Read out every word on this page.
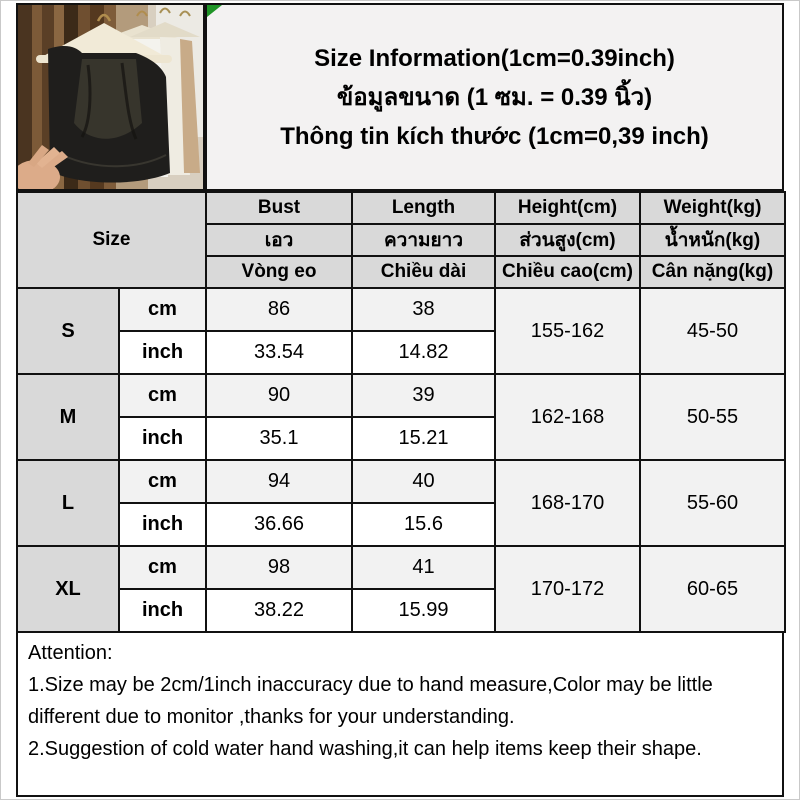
Size Information(1cm=0.39inch)
ข้อมูลขนาด (1 ซม. = 0.39 นิ้ว)
Thông tin kích thước (1cm=0,39 inch)
Size		Bust	Length	Height(cm)	Weight(kg)
		เอว	ความยาว	ส่วนสูง(cm)	น้ำหนัก(kg)
		Vòng eo	Chiều dài	Chiều cao(cm)	Cân nặng(kg)
S	cm	86	38	155-162	45-50
	inch	33.54	14.82		
M	cm	90	39	162-168	50-55
	inch	35.1	15.21		
L	cm	94	40	168-170	55-60
	inch	36.66	15.6		
XL	cm	98	41	170-172	60-65
	inch	38.22	15.99		
Attention:
1.Size may be 2cm/1inch inaccuracy due to hand measure,Color may be little different due to monitor ,thanks for your understanding.
2.Suggestion of cold water hand washing,it can help items keep their shape.
